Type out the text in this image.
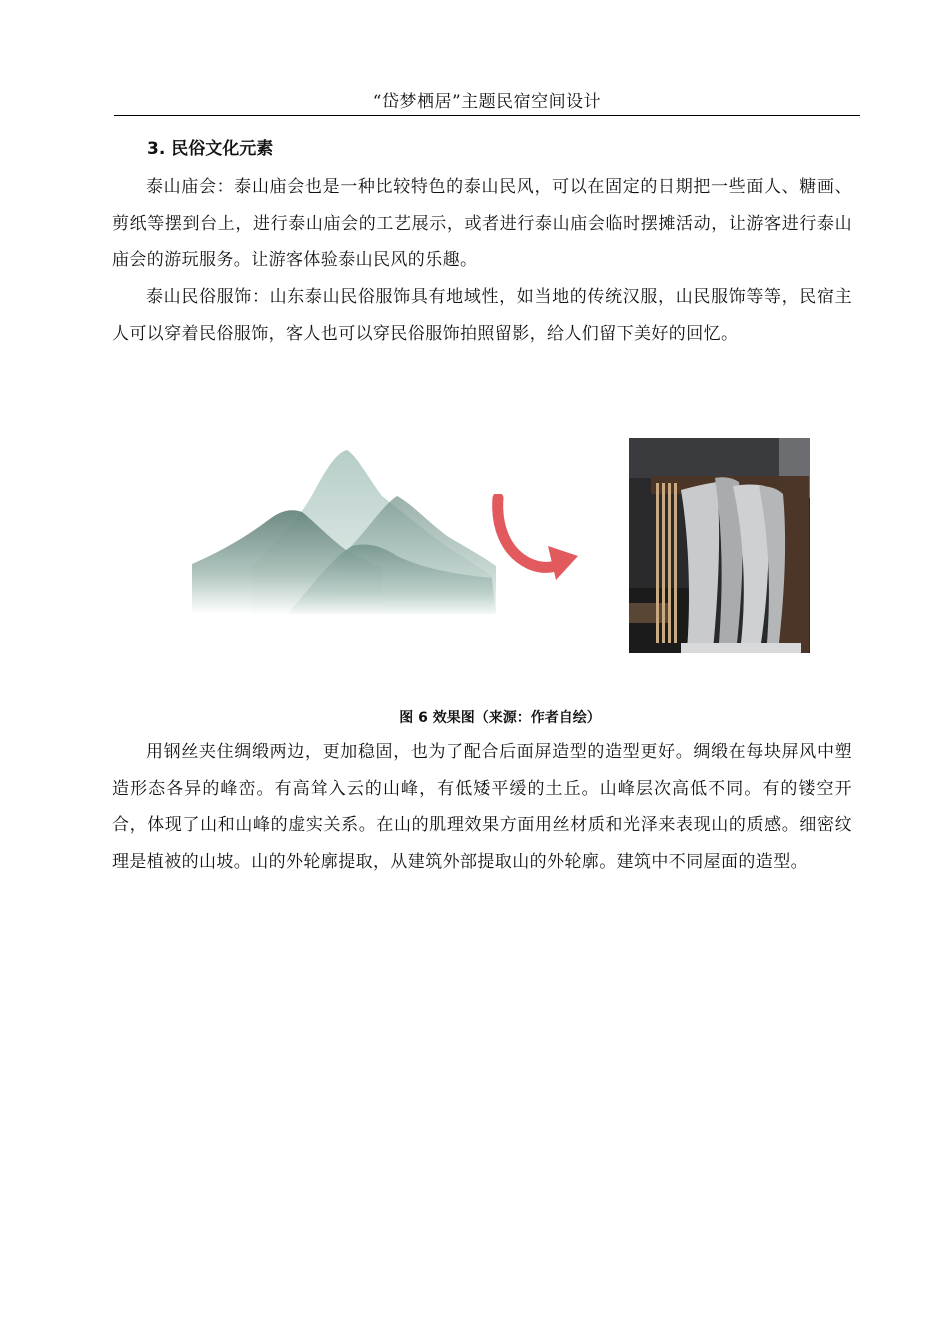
“岱梦栖居”主题民宿空间设计
3. 民俗文化元素

泰山庙会：泰山庙会也是一种比较特色的泰山民风，可以在固定的日期把一些面人、糖画、剪纸等摆到台上，进行泰山庙会的工艺展示，或者进行泰山庙会临时摆摊活动，让游客进行泰山庙会的游玩服务。让游客体验泰山民风的乐趣。

泰山民俗服饰：山东泰山民俗服饰具有地域性，如当地的传统汉服，山民服饰等等，民宿主人可以穿着民俗服饰，客人也可以穿民俗服饰拍照留影，给人们留下美好的回忆。

图 6 效果图（来源：作者自绘）

用钢丝夹住绸缎两边，更加稳固，也为了配合后面屏造型的造型更好。绸缎在每块屏风中塑造形态各异的峰峦。有高耸入云的山峰，有低矮平缓的土丘。山峰层次高低不同。有的镂空开合，体现了山和山峰的虚实关系。在山的肌理效果方面用丝材质和光泽来表现山的质感。细密纹理是植被的山坡。山的外轮廓提取，从建筑外部提取山的外轮廓。建筑中不同屋面的造型。
